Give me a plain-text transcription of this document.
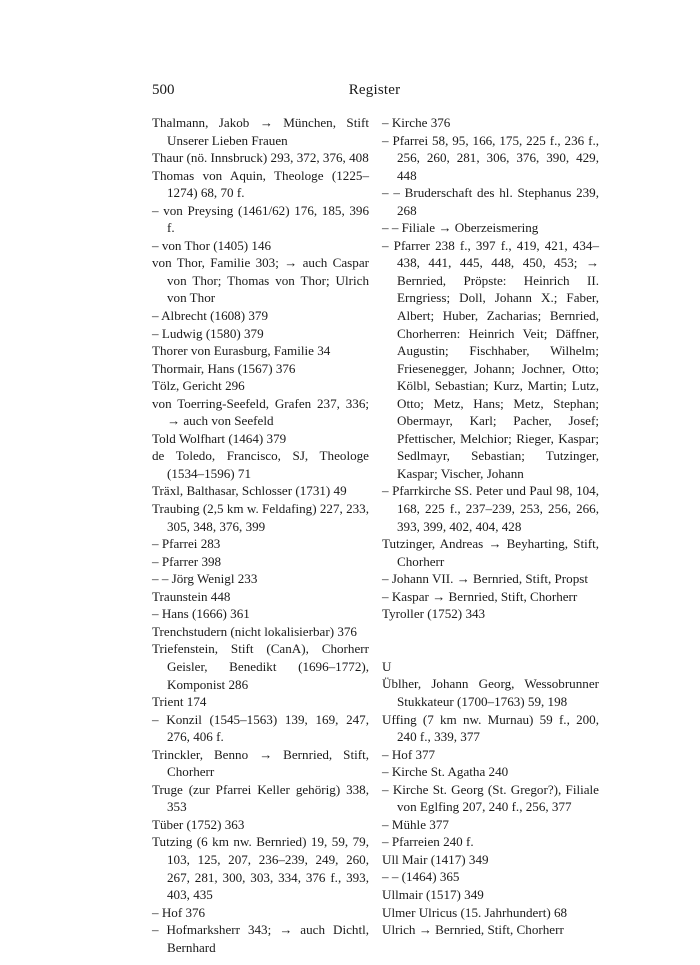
500	Register
Thalmann, Jakob → München, Stift Unserer Lieben Frauen
Thaur (nö. Innsbruck) 293, 372, 376, 408
Thomas von Aquin, Theologe (1225–1274) 68, 70 f.
– von Preysing (1461/62) 176, 185, 396 f.
– von Thor (1405) 146
von Thor, Familie 303; → auch Caspar von Thor; Thomas von Thor; Ulrich von Thor
– Albrecht (1608) 379
– Ludwig (1580) 379
Thorer von Eurasburg, Familie 34
Thormair, Hans (1567) 376
Tölz, Gericht 296
von Toerring-Seefeld, Grafen 237, 336; → auch von Seefeld
Told Wolfhart (1464) 379
de Toledo, Francisco, SJ, Theologe (1534–1596) 71
Träxl, Balthasar, Schlosser (1731) 49
Traubing (2,5 km w. Feldafing) 227, 233, 305, 348, 376, 399
– Pfarrei 283
– Pfarrer 398
– – Jörg Wenigl 233
Traunstein 448
– Hans (1666) 361
Trenchstudern (nicht lokalisierbar) 376
Triefenstein, Stift (CanA), Chorherr Geisler, Benedikt (1696–1772), Komponist 286
Trient 174
– Konzil (1545–1563) 139, 169, 247, 276, 406 f.
Trinckler, Benno → Bernried, Stift, Chorherr
Truge (zur Pfarrei Keller gehörig) 338, 353
Tüber (1752) 363
Tutzing (6 km nw. Bernried) 19, 59, 79, 103, 125, 207, 236–239, 249, 260, 267, 281, 300, 303, 334, 376 f., 393, 403, 435
– Hof 376
– Hofmarksherr 343; → auch Dichtl, Bernhard
– Kirche 376
– Pfarrei 58, 95, 166, 175, 225 f., 236 f., 256, 260, 281, 306, 376, 390, 429, 448
– – Bruderschaft des hl. Stephanus 239, 268
– – Filiale → Oberzeismering
– Pfarrer 238 f., 397 f., 419, 421, 434–438, 441, 445, 448, 450, 453; → Bernried, Pröpste: Heinrich II. Erngriess; Doll, Johann X.; Faber, Albert; Huber, Zacharias; Bernried, Chorherren: Heinrich Veit; Däffner, Augustin; Fischhaber, Wilhelm; Friesenegger, Johann; Jochner, Otto; Kölbl, Sebastian; Kurz, Martin; Lutz, Otto; Metz, Hans; Metz, Stephan; Obermayr, Karl; Pacher, Josef; Pfettischer, Melchior; Rieger, Kaspar; Sedlmayr, Sebastian; Tutzinger, Kaspar; Vischer, Johann
– Pfarrkirche SS. Peter und Paul 98, 104, 168, 225 f., 237–239, 253, 256, 266, 393, 399, 402, 404, 428
Tutzinger, Andreas → Beyharting, Stift, Chorherr
– Johann VII. → Bernried, Stift, Propst
– Kaspar → Bernried, Stift, Chorherr
Tyroller (1752) 343
U
Üblher, Johann Georg, Wessobrunner Stukkateur (1700–1763) 59, 198
Uffing (7 km nw. Murnau) 59 f., 200, 240 f., 339, 377
– Hof 377
– Kirche St. Agatha 240
– Kirche St. Georg (St. Gregor?), Filiale von Eglfing 207, 240 f., 256, 377
– Mühle 377
– Pfarreien 240 f.
Ull Mair (1417) 349
– – (1464) 365
Ullmair (1517) 349
Ulmer Ulricus (15. Jahrhundert) 68
Ulrich → Bernried, Stift, Chorherr
